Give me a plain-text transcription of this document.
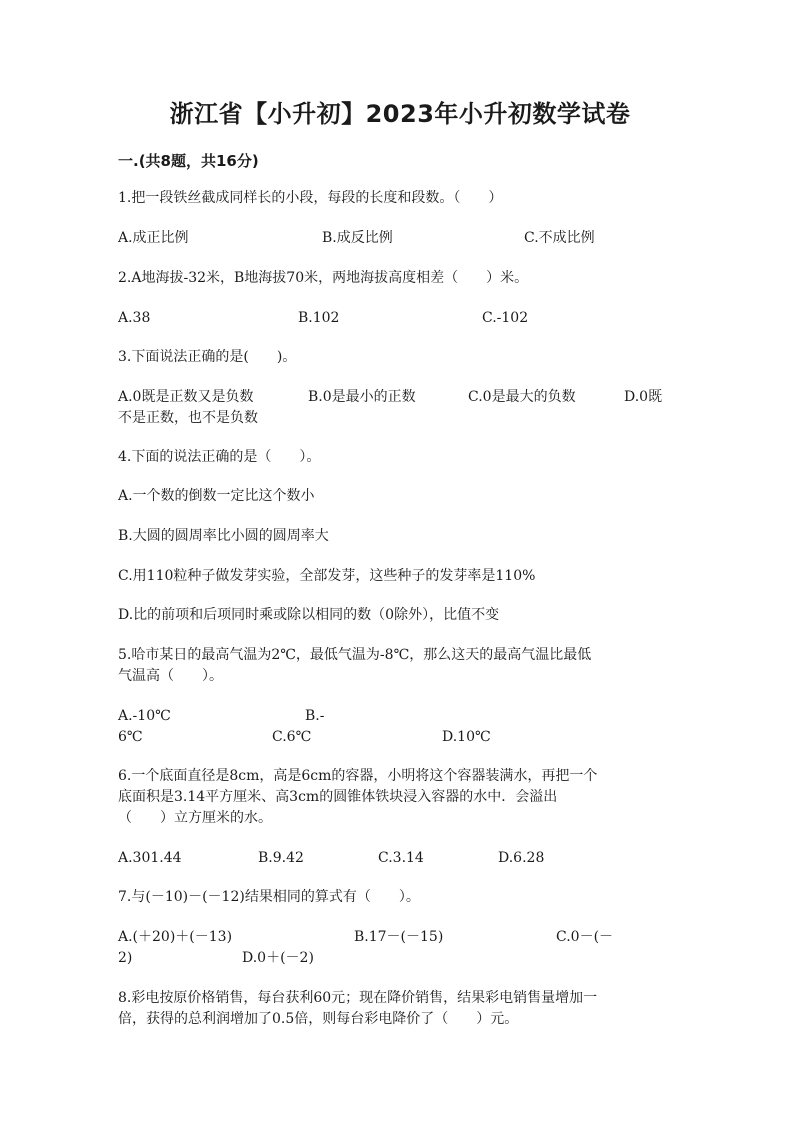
浙江省【小升初】2023年小升初数学试卷
一.(共8题，共16分)
1.把一段铁丝截成同样长的小段，每段的长度和段数。（　　）
A.成正比例	B.成反比例	C.不成比例
2.A地海拔-32米，B地海拔70米，两地海拔高度相差（　　）米。
A.38	B.102	C.-102
3.下面说法正确的是(　　)。
A.0既是正数又是负数	B.0是最小的正数	C.0是最大的负数	D.0既
不是正数，也不是负数
4.下面的说法正确的是（　　）。
A.一个数的倒数一定比这个数小
B.大圆的圆周率比小圆的圆周率大
C.用110粒种子做发芽实验，全部发芽，这些种子的发芽率是110%
D.比的前项和后项同时乘或除以相同的数（0除外），比值不变
5.哈市某日的最高气温为2℃，最低气温为-8℃，那么这天的最高气温比最低
气温高（　　）。
A.-10℃	B.-
6℃	C.6℃	D.10℃
6.一个底面直径是8cm，高是6cm的容器，小明将这个容器装满水，再把一个
底面积是3.14平方厘米、高3cm的圆锥体铁块浸入容器的水中．会溢出
（　　）立方厘米的水。
A.301.44	B.9.42	C.3.14	D.6.28
7.与(－10)－(－12)结果相同的算式有（　　）。
A.(＋20)＋(－13)	B.17－(－15)	C.0－(－
2)	D.0＋(－2)
8.彩电按原价格销售，每台获利60元；现在降价销售，结果彩电销售量增加一
倍，获得的总利润增加了0.5倍，则每台彩电降价了（　　）元。
